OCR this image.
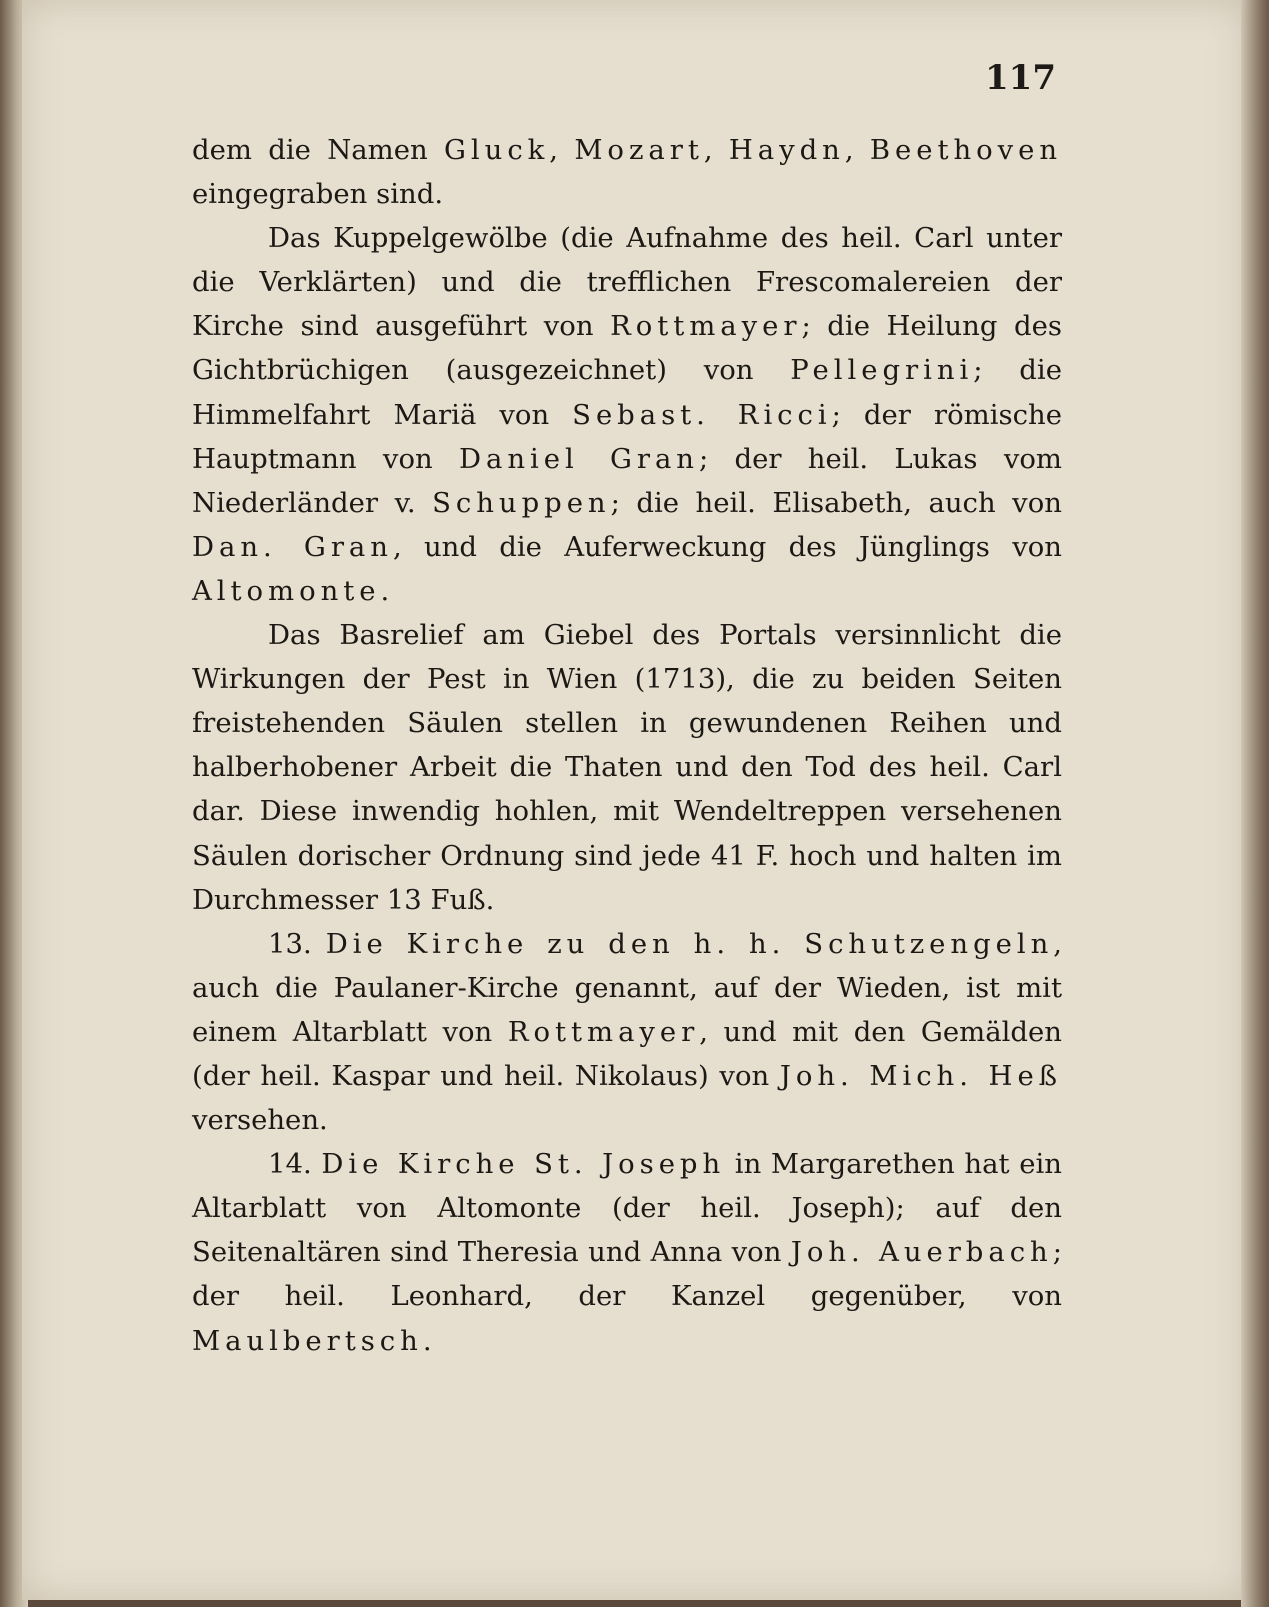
117

dem die Namen Gluck, Mozart, Haydn, Beethoven eingegraben sind.

Das Kuppelgewölbe (die Aufnahme des heil. Carl unter die Verklärten) und die trefflichen Frescomalereien der Kirche sind ausgeführt von Rottmayer; die Heilung des Gichtbrüchigen (ausgezeichnet) von Pellegrini; die Himmelfahrt Mariä von Sebast. Ricci; der römische Hauptmann von Daniel Gran; der heil. Lukas vom Niederländer v. Schuppen; die heil. Elisabeth, auch von Dan. Gran, und die Auferweckung des Jünglings von Altomonte.

Das Basrelief am Giebel des Portals versinnlicht die Wirkungen der Pest in Wien (1713), die zu beiden Seiten freistehenden Säulen stellen in gewundenen Reihen und halberhobener Arbeit die Thaten und den Tod des heil. Carl dar. Diese inwendig hohlen, mit Wendeltreppen versehenen Säulen dorischer Ordnung sind jede 41 F. hoch und halten im Durchmesser 13 Fuß.

13. Die Kirche zu den h. h. Schutzengeln, auch die Paulaner-Kirche genannt, auf der Wieden, ist mit einem Altarblatt von Rottmayer, und mit den Gemälden (der heil. Kaspar und heil. Nikolaus) von Joh. Mich. Heß versehen.

14. Die Kirche St. Joseph in Margarethen hat ein Altarblatt von Altomonte (der heil. Joseph); auf den Seitenaltären sind Theresia und Anna von Joh. Auerbach; der heil. Leonhard, der Kanzel gegenüber, von Maulbertsch.
